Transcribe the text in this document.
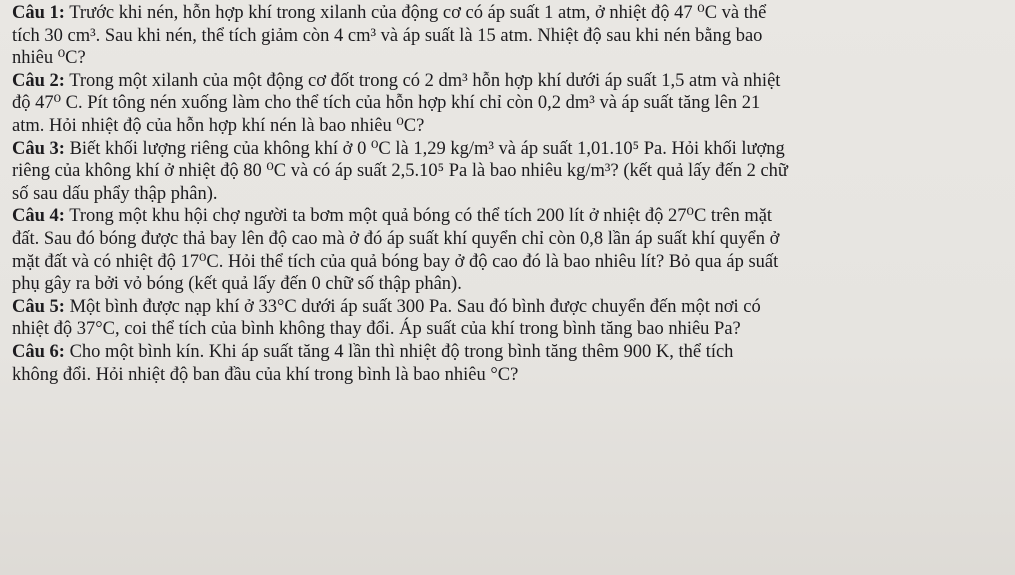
Câu 1: Trước khi nén, hỗn hợp khí trong xilanh của động cơ có áp suất 1 atm, ở nhiệt độ 47 ⁰C và thể
tích 30 cm³. Sau khi nén, thể tích giảm còn 4 cm³ và áp suất là 15 atm. Nhiệt độ sau khi nén bằng bao
nhiêu ⁰C?
Câu 2: Trong một xilanh của một động cơ đốt trong có 2 dm³ hỗn hợp khí dưới áp suất 1,5 atm và nhiệt
độ 47⁰ C. Pít tông nén xuống làm cho thể tích của hỗn hợp khí chỉ còn 0,2 dm³ và áp suất tăng lên 21
atm. Hỏi nhiệt độ của hỗn hợp khí nén là bao nhiêu ⁰C?
Câu 3: Biết khối lượng riêng của không khí ở 0 ⁰C là 1,29 kg/m³ và áp suất 1,01.10⁵ Pa. Hỏi khối lượng
riêng của không khí ở nhiệt độ 80 ⁰C và có áp suất 2,5.10⁵ Pa là bao nhiêu kg/m³? (kết quả lấy đến 2 chữ
số sau dấu phẩy thập phân).
Câu 4: Trong một khu hội chợ người ta bơm một quả bóng có thể tích 200 lít ở nhiệt độ 27⁰C trên mặt
đất. Sau đó bóng được thả bay lên độ cao mà ở đó áp suất khí quyển chỉ còn 0,8 lần áp suất khí quyển ở
mặt đất và có nhiệt độ 17⁰C. Hỏi thể tích của quả bóng bay ở độ cao đó là bao nhiêu lít? Bỏ qua áp suất
phụ gây ra bởi vỏ bóng (kết quả lấy đến 0 chữ số thập phân).
Câu 5: Một bình được nạp khí ở 33°C dưới áp suất 300 Pa. Sau đó bình được chuyển đến một nơi có
nhiệt độ 37°C, coi thể tích của bình không thay đổi. Áp suất của khí trong bình tăng bao nhiêu Pa?
Câu 6: Cho một bình kín. Khi áp suất tăng 4 lần thì nhiệt độ trong bình tăng thêm 900 K, thể tích
không đổi. Hỏi nhiệt độ ban đầu của khí trong bình là bao nhiêu °C?
